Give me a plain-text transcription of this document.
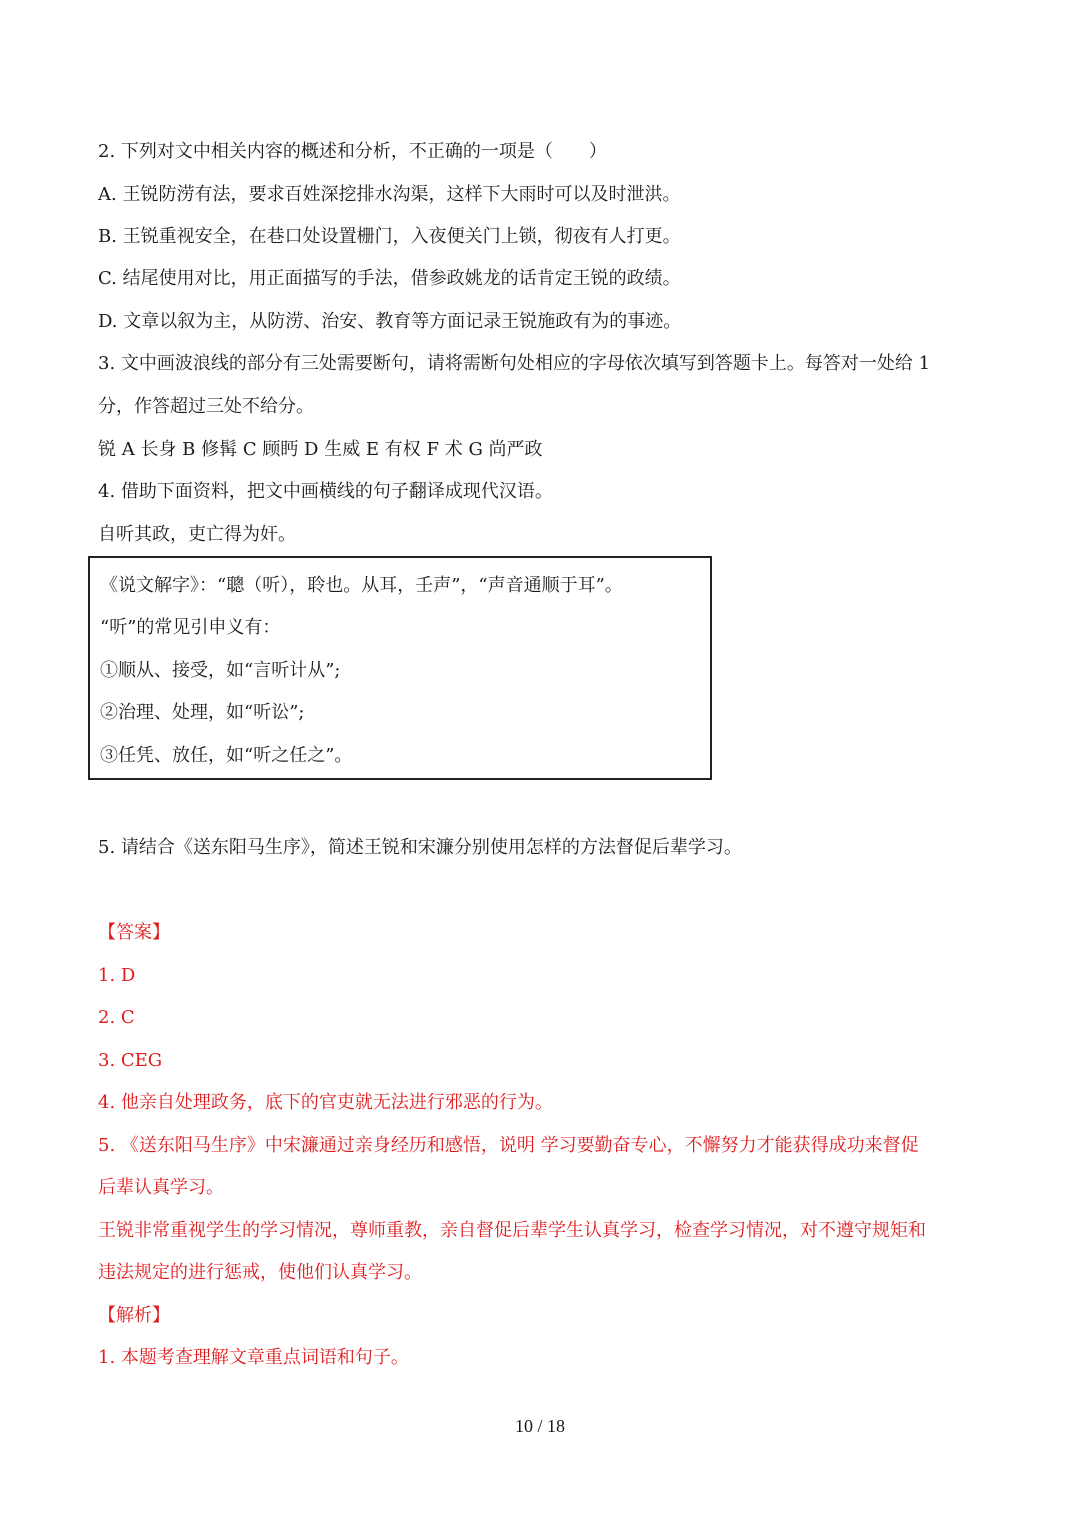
2. 下列对文中相关内容的概述和分析，不正确的一项是（　　）
A. 王锐防涝有法，要求百姓深挖排水沟渠，这样下大雨时可以及时泄洪。
B. 王锐重视安全，在巷口处设置栅门，入夜便关门上锁，彻夜有人打更。
C. 结尾使用对比，用正面描写的手法，借参政姚龙的话肯定王锐的政绩。
D. 文章以叙为主，从防涝、治安、教育等方面记录王锐施政有为的事迹。
3. 文中画波浪线的部分有三处需要断句，请将需断句处相应的字母依次填写到答题卡上。每答对一处给 1
分，作答超过三处不给分。
锐 A 长身 B 修髯 C 顾眄 D 生威 E 有权 F 术 G 尚严政
4. 借助下面资料，把文中画横线的句子翻译成现代汉语。
自听其政，吏亡得为奸。
《说文解字》：“聰（听），聆也。从耳，壬声”，“声音通顺于耳”。
“听”的常见引申义有：
①顺从、接受，如“言听计从”;
②治理、处理，如“听讼”;
③任凭、放任，如“听之任之”。
5. 请结合《送东阳马生序》，简述王锐和宋濂分别使用怎样的方法督促后辈学习。
【答案】
1. D
2. C
3. CEG
4. 他亲自处理政务，底下的官吏就无法进行邪恶的行为。
5. 《送东阳马生序》中宋濂通过亲身经历和感悟，说明 学习要勤奋专心，不懈努力才能获得成功来督促
后辈认真学习。
王锐非常重视学生的学习情况，尊师重教，亲自督促后辈学生认真学习，检查学习情况，对不遵守规矩和
违法规定的进行惩戒，使他们认真学习。
【解析】
1. 本题考查理解文章重点词语和句子。
10 / 18
